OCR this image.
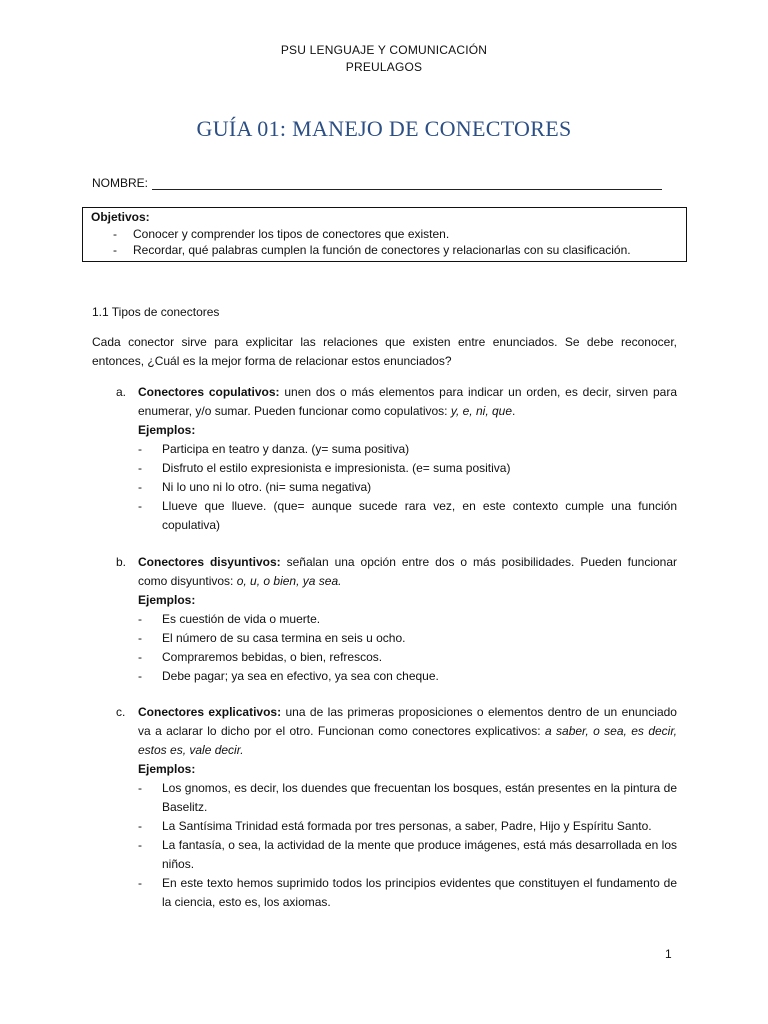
PSU LENGUAJE Y COMUNICACIÓN
PREULAGOS
GUÍA 01: MANEJO DE CONECTORES
NOMBRE:
Objetivos:
-	Conocer y comprender los tipos de conectores que existen.
-	Recordar, qué palabras cumplen la función de conectores y relacionarlas con su clasificación.
1.1 Tipos de conectores
Cada conector sirve para explicitar las relaciones que existen entre enunciados. Se debe reconocer, entonces, ¿Cuál es la mejor forma de relacionar estos enunciados?
a. Conectores copulativos: unen dos o más elementos para indicar un orden, es decir, sirven para enumerar, y/o sumar. Pueden funcionar como copulativos: y, e, ni, que.
Ejemplos:
-	Participa en teatro y danza. (y= suma positiva)
-	Disfruto el estilo expresionista e impresionista. (e= suma positiva)
-	Ni lo uno ni lo otro. (ni= suma negativa)
-	Llueve que llueve. (que= aunque sucede rara vez, en este contexto cumple una función copulativa)
b. Conectores disyuntivos: señalan una opción entre dos o más posibilidades. Pueden funcionar como disyuntivos: o, u, o bien, ya sea.
Ejemplos:
-	Es cuestión de vida o muerte.
-	El número de su casa termina en seis u ocho.
-	Compraremos bebidas, o bien, refrescos.
-	Debe pagar; ya sea en efectivo, ya sea con cheque.
c.	Conectores explicativos: una de las primeras proposiciones o elementos dentro de un enunciado va a aclarar lo dicho por el otro. Funcionan como conectores explicativos: a saber, o sea, es decir, estos es, vale decir.
Ejemplos:
-	Los gnomos, es decir, los duendes que frecuentan los bosques, están presentes en la pintura de Baselitz.
-	La Santísima Trinidad está formada por tres personas, a saber, Padre, Hijo y Espíritu Santo.
-	La fantasía, o sea, la actividad de la mente que produce imágenes, está más desarrollada en los niños.
-	En este texto hemos suprimido todos los principios evidentes que constituyen el fundamento de la ciencia, esto es, los axiomas.
1
